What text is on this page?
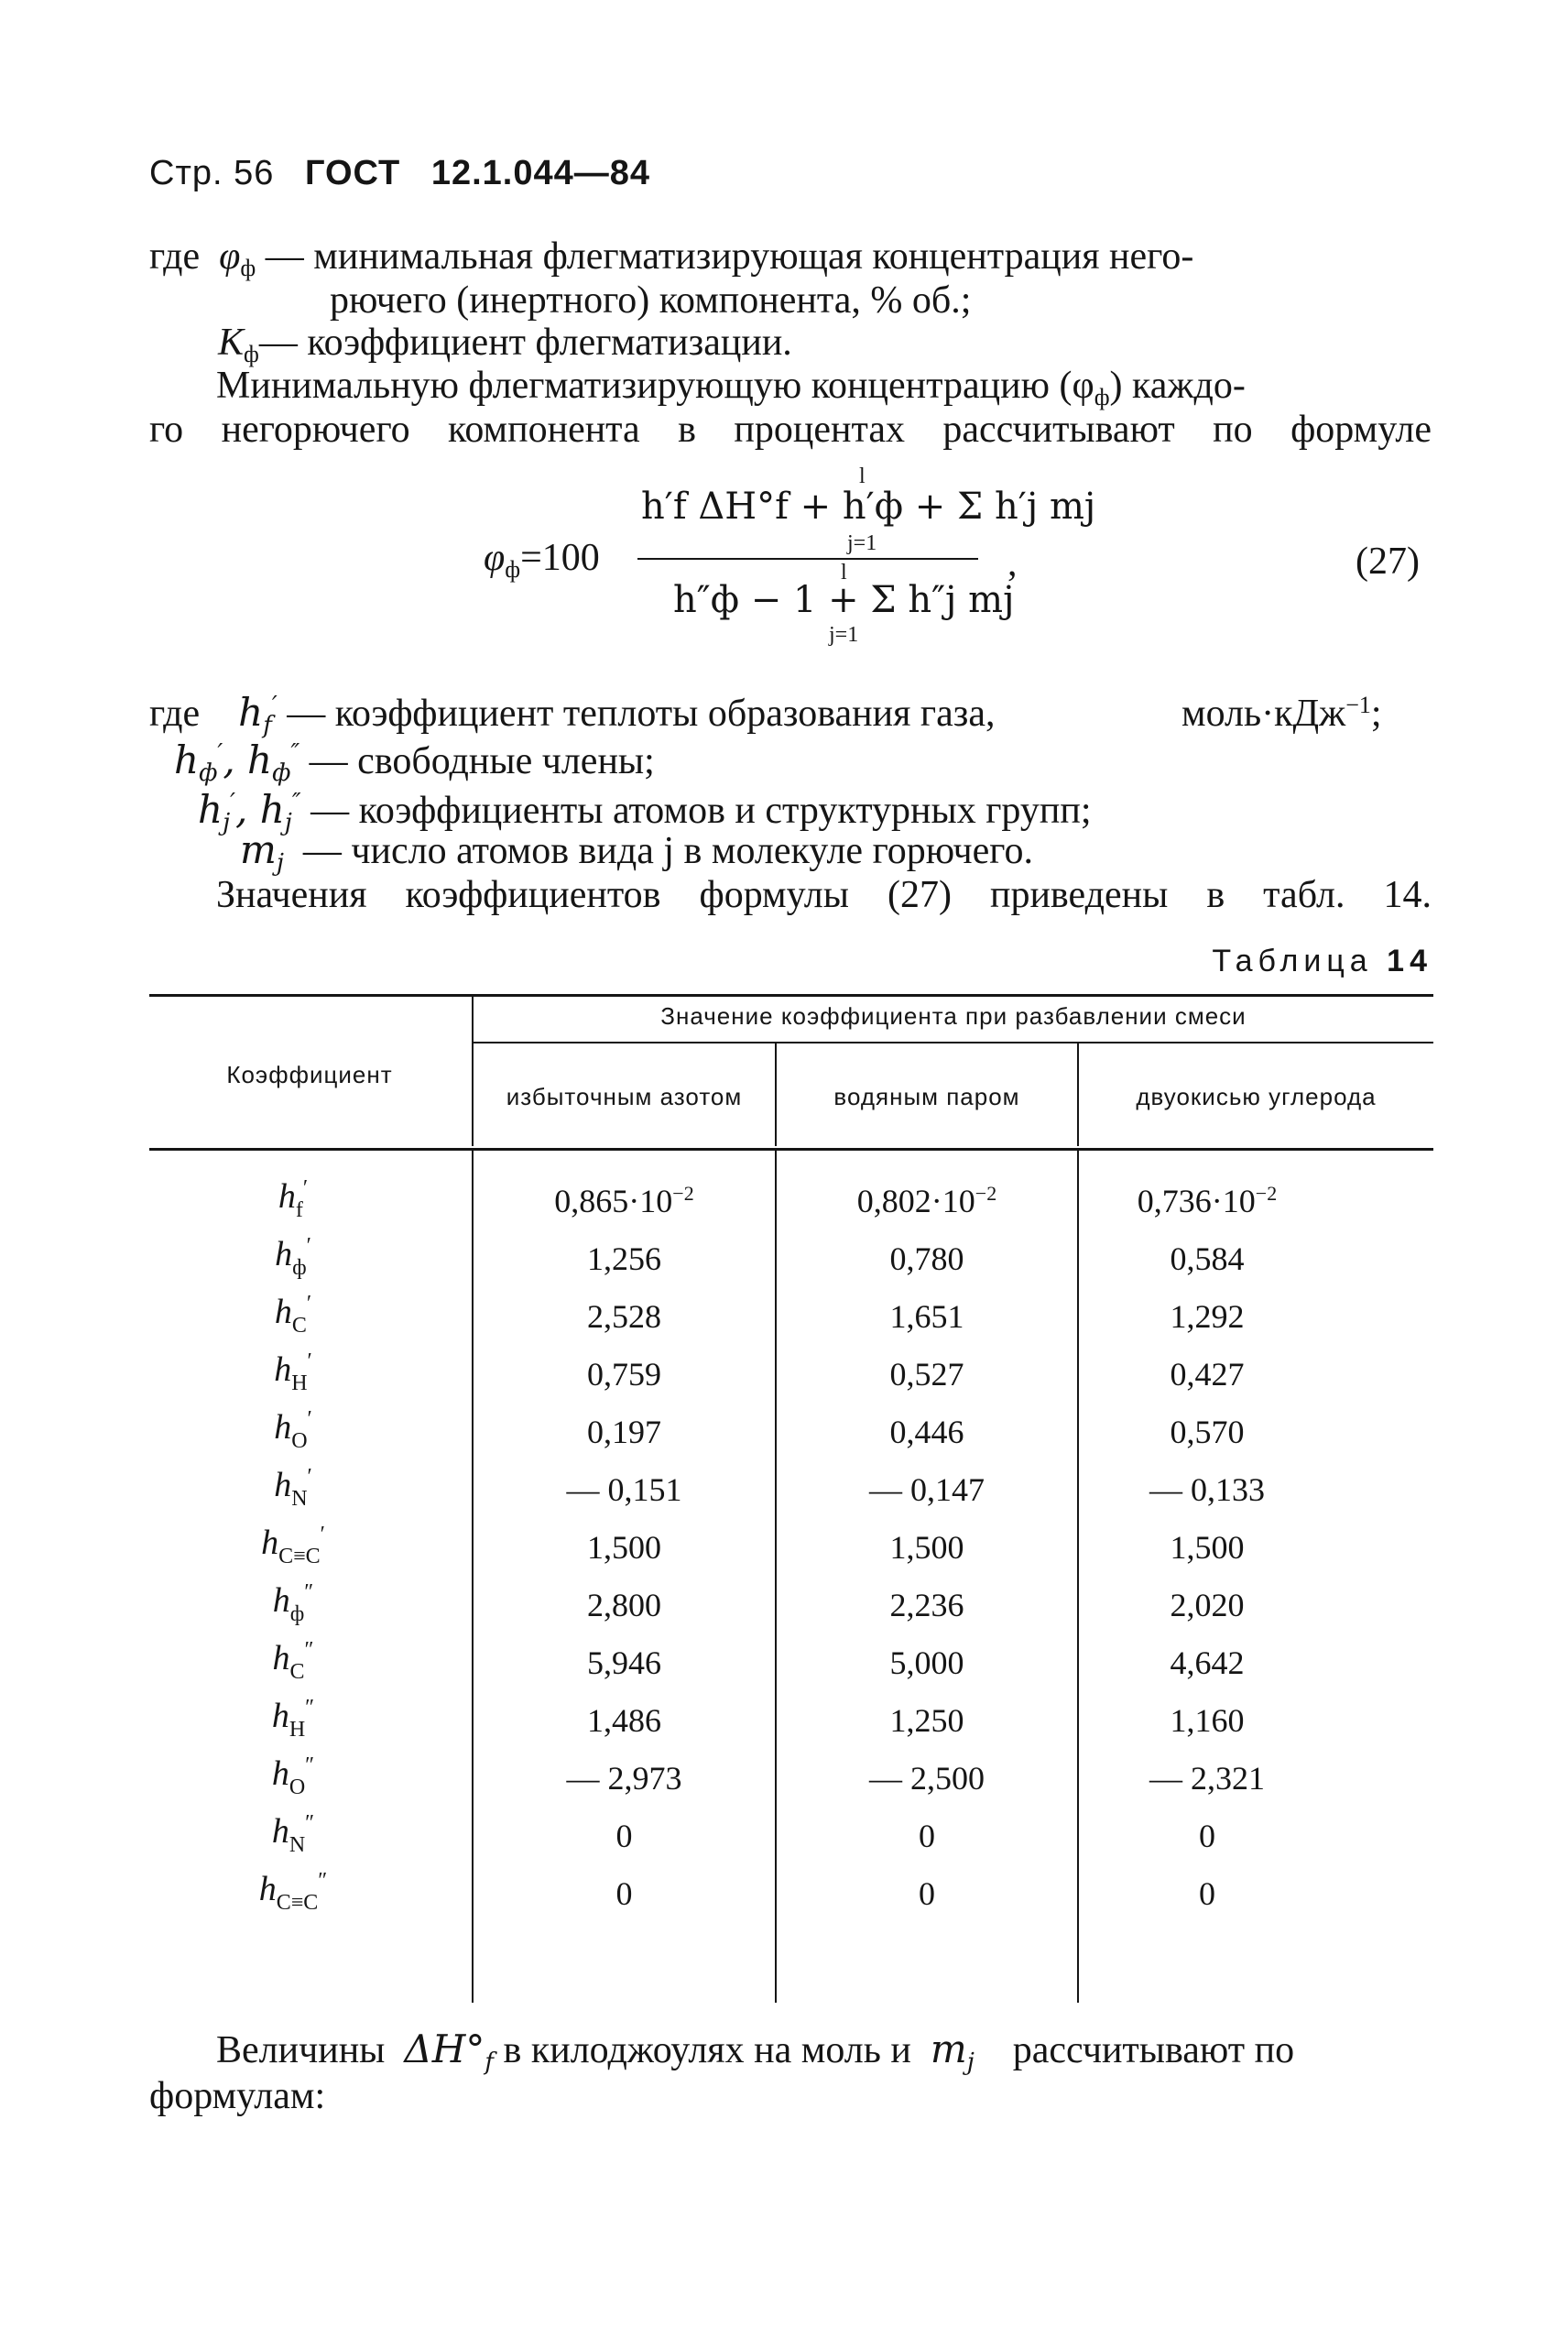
Стр. 56 ГОСТ 12.1.044—84
где $\varphi_ф$ — минимальная флегматизирующая концентрация него-
рючего (инертного) компонента, % об.;
$K_ф—$ коэффициент флегматизации.
Минимальную флегматизирующую концентрацию $(\varphi_ф)$ каждо-
го негорючего компонента в процентах рассчитывают по формуле
$\varphi_ф=100$
h′f ΔH°f + h′ф + Σ h′j mj
h″ф − 1 + Σ h″j mj
l
j=1
l
j=1
,	(27)
где $h_f'$ — коэффициент теплоты образования газа,	моль·кДж$^{-1}$;
$h_ф'$, $h_ф''$ — свободные члены;
$h_j'$, $h_j''$ — коэффициенты атомов и структурных групп;
$m_j$ — число атомов вида j в молекуле горючего.
Значения коэффициентов формулы (27) приведены в табл. 14.
Таблица 14
Коэффициент
Значение коэффициента при разбавлении смеси
избыточным азотом	водяным паром	двуокисью углерода
$h_f'$	$0,865\cdot 10^{-2}$	$0,802\cdot 10^{-2}$	$0,736\cdot 10^{-2}$
$h_ф'$	1,256	0,780	0,584
$h_C'$	2,528	1,651	1,292
$h_H'$	0,759	0,527	0,427
$h_O'$	0,197	0,446	0,570
$h_N'$	— 0,151	— 0,147	— 0,133
$h_{C\equiv C}'$	1,500	1,500	1,500
$h_ф''$	2,800	2,236	2,020
$h_C''$	5,946	5,000	4,642
$h_H''$	1,486	1,250	1,160
$h_O''$	— 2,973	— 2,500	— 2,321
$h_N''$	0	0	0
$h_{C\equiv C}''$	0	0	0
Величины $\Delta H^\circ_f$ в килоджоулях на моль и $m_j$ рассчитывают по
формулам:
